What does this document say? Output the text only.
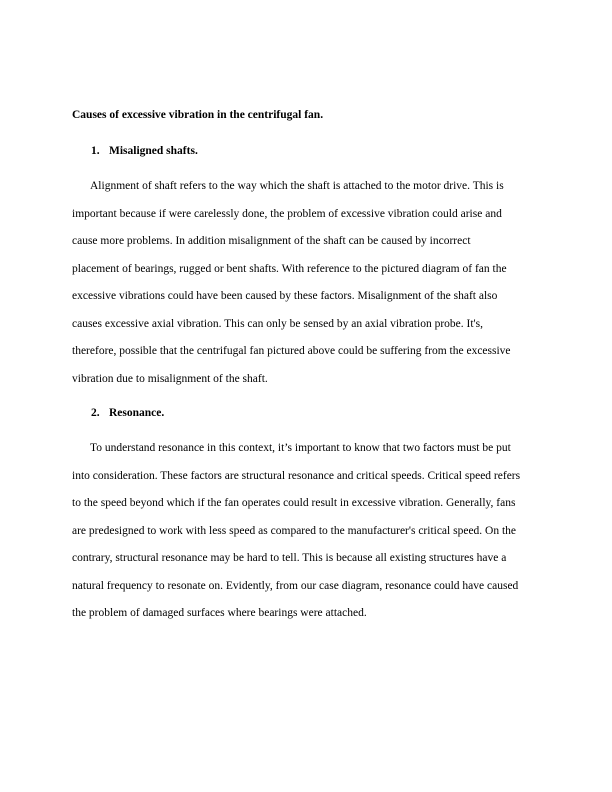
Causes of excessive vibration in the centrifugal fan.
1. Misaligned shafts.
Alignment of shaft refers to the way which the shaft is attached to the motor drive. This is
important because if were carelessly done, the problem of excessive vibration could arise and
cause more problems. In addition misalignment of the shaft can be caused by incorrect
placement of bearings, rugged or bent shafts. With reference to the pictured diagram of fan the
excessive vibrations could have been caused by these factors. Misalignment of the shaft also
causes excessive axial vibration. This can only be sensed by an axial vibration probe. It's,
therefore, possible that the centrifugal fan pictured above could be suffering from the excessive
vibration due to misalignment of the shaft.
2. Resonance.
To understand resonance in this context, it’s important to know that two factors must be put
into consideration. These factors are structural resonance and critical speeds. Critical speed refers
to the speed beyond which if the fan operates could result in excessive vibration. Generally, fans
are predesigned to work with less speed as compared to the manufacturer's critical speed. On the
contrary, structural resonance may be hard to tell. This is because all existing structures have a
natural frequency to resonate on. Evidently, from our case diagram, resonance could have caused
the problem of damaged surfaces where bearings were attached.
